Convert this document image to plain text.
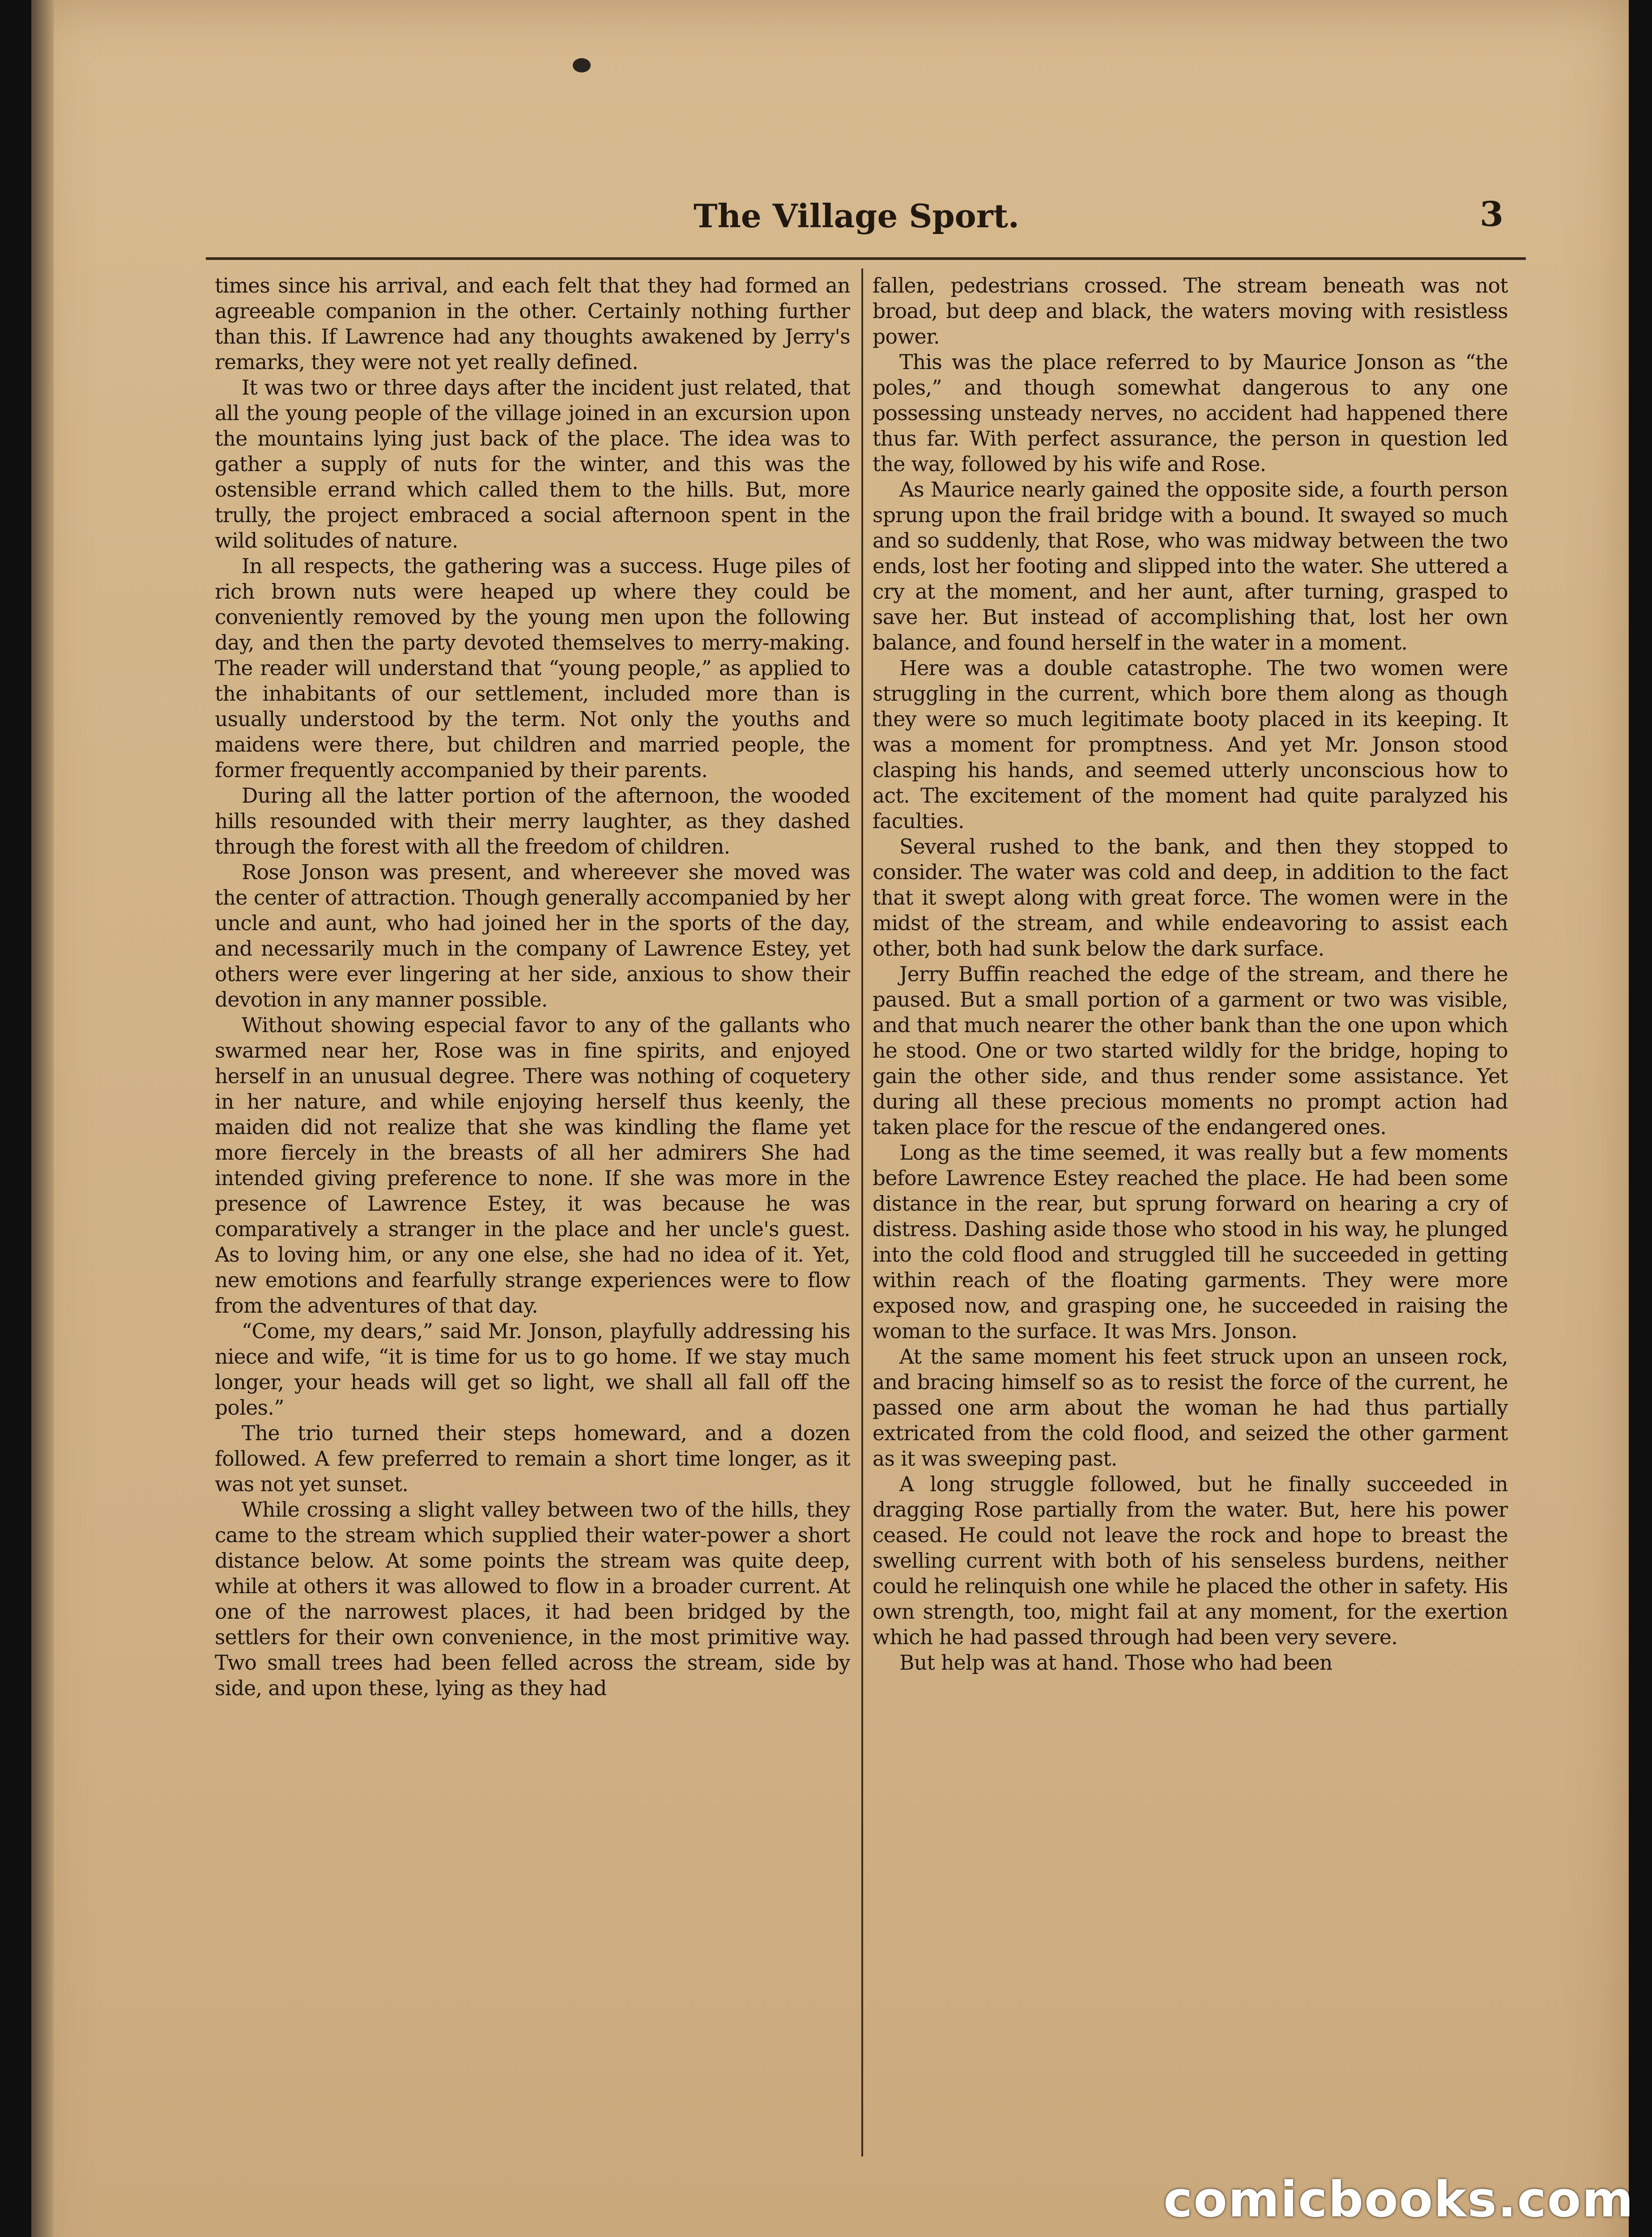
The Village Sport.	3

times since his arrival, and each felt that they had formed an agreeable companion in the other. Certainly nothing further than this. If Lawrence had any thoughts awakened by Jerry's remarks, they were not yet really defined.

It was two or three days after the incident just related, that all the young people of the village joined in an excursion upon the mountains lying just back of the place. The idea was to gather a supply of nuts for the winter, and this was the ostensible errand which called them to the hills. But, more trully, the project embraced a social afternoon spent in the wild solitudes of nature.

In all respects, the gathering was a success. Huge piles of rich brown nuts were heaped up where they could be conveniently removed by the young men upon the following day, and then the party devoted themselves to merry-making. The reader will understand that “young people,” as applied to the inhabitants of our settlement, included more than is usually understood by the term. Not only the youths and maidens were there, but children and married people, the former frequently accompanied by their parents.

During all the latter portion of the afternoon, the wooded hills resounded with their merry laughter, as they dashed through the forest with all the freedom of children.

Rose Jonson was present, and whereever she moved was the center of attraction. Though generally accompanied by her uncle and aunt, who had joined her in the sports of the day, and necessarily much in the company of Lawrence Estey, yet others were ever lingering at her side, anxious to show their devotion in any manner possible.

Without showing especial favor to any of the gallants who swarmed near her, Rose was in fine spirits, and enjoyed herself in an unusual degree. There was nothing of coquetery in her nature, and while enjoying herself thus keenly, the maiden did not realize that she was kindling the flame yet more fiercely in the breasts of all her admirers She had intended giving preference to none. If she was more in the presence of Lawrence Estey, it was because he was comparatively a stranger in the place and her uncle's guest. As to loving him, or any one else, she had no idea of it. Yet, new emotions and fearfully strange experiences were to flow from the adventures of that day.

“Come, my dears,” said Mr. Jonson, playfully addressing his niece and wife, “it is time for us to go home. If we stay much longer, your heads will get so light, we shall all fall off the poles.”

The trio turned their steps homeward, and a dozen followed. A few preferred to remain a short time longer, as it was not yet sunset.

While crossing a slight valley between two of the hills, they came to the stream which supplied their water-power a short distance below. At some points the stream was quite deep, while at others it was allowed to flow in a broader current. At one of the narrowest places, it had been bridged by the settlers for their own convenience, in the most primitive way. Two small trees had been felled across the stream, side by side, and upon these, lying as they had

fallen, pedestrians crossed. The stream beneath was not broad, but deep and black, the waters moving with resistless power.

This was the place referred to by Maurice Jonson as “the poles,” and though somewhat dangerous to any one possessing unsteady nerves, no accident had happened there thus far. With perfect assurance, the person in question led the way, followed by his wife and Rose.

As Maurice nearly gained the opposite side, a fourth person sprung upon the frail bridge with a bound. It swayed so much and so suddenly, that Rose, who was midway between the two ends, lost her footing and slipped into the water. She uttered a cry at the moment, and her aunt, after turning, grasped to save her. But instead of accomplishing that, lost her own balance, and found herself in the water in a moment.

Here was a double catastrophe. The two women were struggling in the current, which bore them along as though they were so much legitimate booty placed in its keeping. It was a moment for promptness. And yet Mr. Jonson stood clasping his hands, and seemed utterly unconscious how to act. The excitement of the moment had quite paralyzed his faculties.

Several rushed to the bank, and then they stopped to consider. The water was cold and deep, in addition to the fact that it swept along with great force. The women were in the midst of the stream, and while endeavoring to assist each other, both had sunk below the dark surface.

Jerry Buffin reached the edge of the stream, and there he paused. But a small portion of a garment or two was visible, and that much nearer the other bank than the one upon which he stood. One or two started wildly for the bridge, hoping to gain the other side, and thus render some assistance. Yet during all these precious moments no prompt action had taken place for the rescue of the endangered ones.

Long as the time seemed, it was really but a few moments before Lawrence Estey reached the place. He had been some distance in the rear, but sprung forward on hearing a cry of distress. Dashing aside those who stood in his way, he plunged into the cold flood and struggled till he succeeded in getting within reach of the floating garments. They were more exposed now, and grasping one, he succeeded in raising the woman to the surface. It was Mrs. Jonson.

At the same moment his feet struck upon an unseen rock, and bracing himself so as to resist the force of the current, he passed one arm about the woman he had thus partially extricated from the cold flood, and seized the other garment as it was sweeping past.

A long struggle followed, but he finally succeeded in dragging Rose partially from the water. But, here his power ceased. He could not leave the rock and hope to breast the swelling current with both of his senseless burdens, neither could he relinquish one while he placed the other in safety. His own strength, too, might fail at any moment, for the exertion which he had passed through had been very severe.

But help was at hand. Those who had been

comicbooks.com
